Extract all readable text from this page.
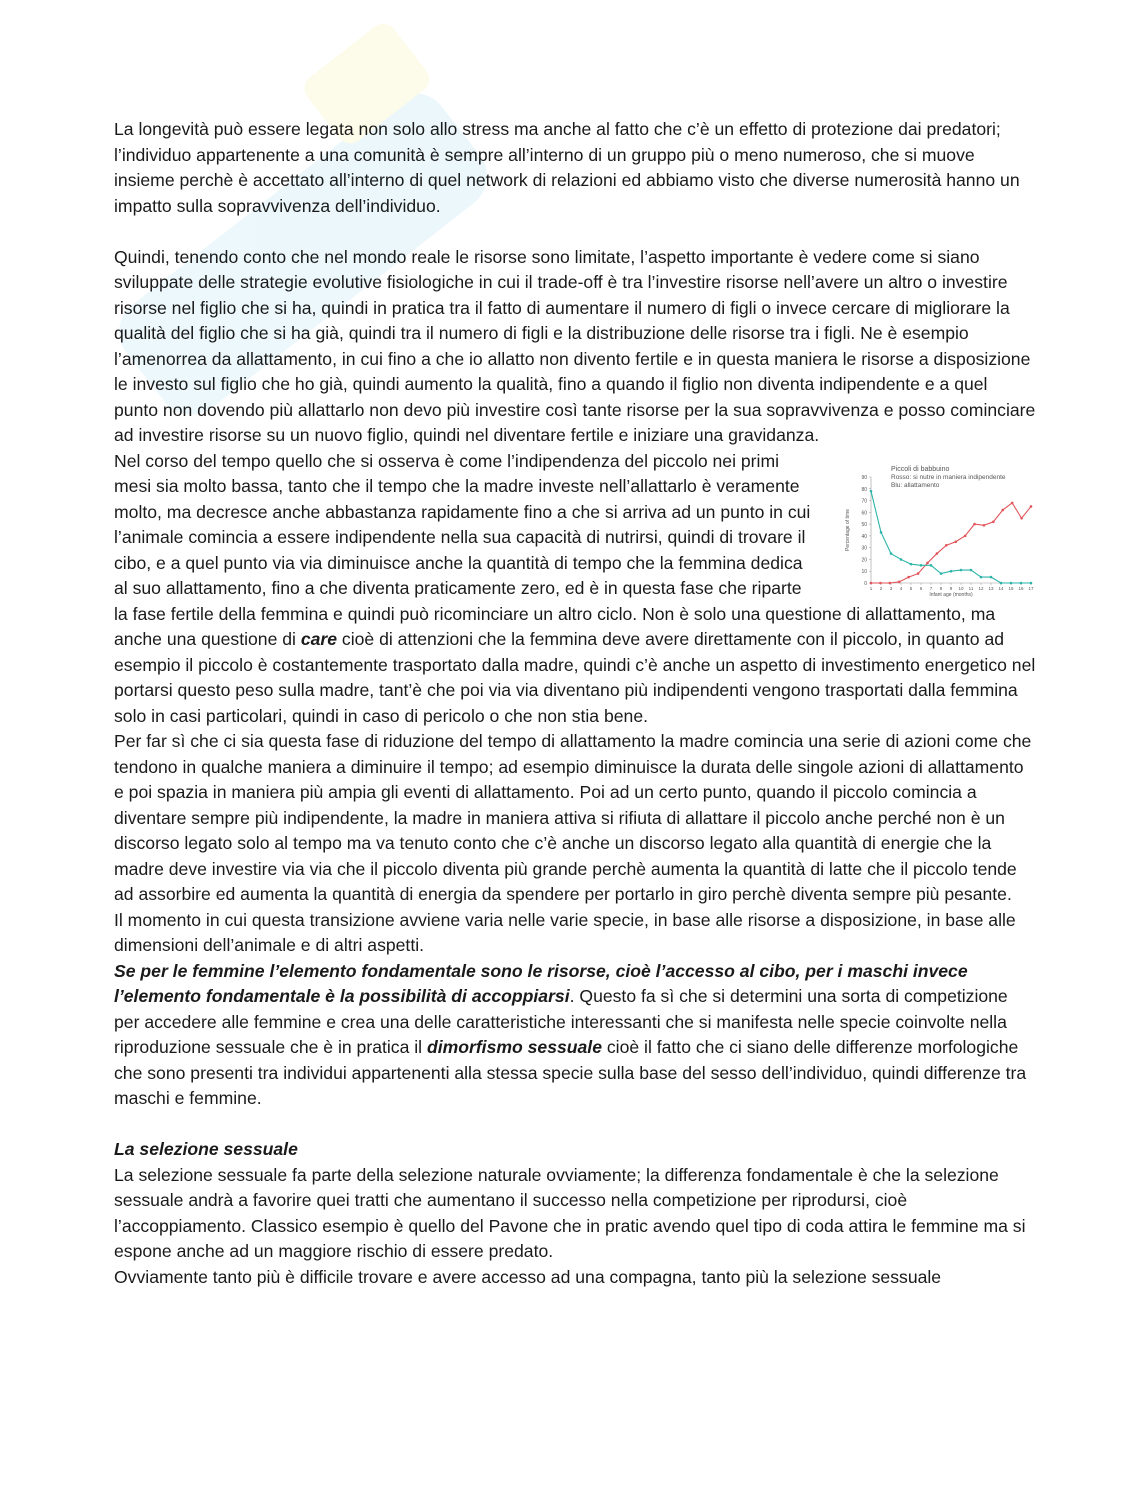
La longevità può essere legata non solo allo stress ma anche al fatto che c’è un effetto di protezione dai predatori; l’individuo appartenente a una comunità è sempre all’interno di un gruppo più o meno numeroso, che si muove insieme perchè è accettato all’interno di quel network di relazioni ed abbiamo visto che diverse numerosità hanno un impatto sulla sopravvivenza dell’individuo.

Quindi, tenendo conto che nel mondo reale le risorse sono limitate, l’aspetto importante è vedere come si siano sviluppate delle strategie evolutive fisiologiche in cui il trade-off è tra l’investire risorse nell’avere un altro o investire risorse nel figlio che si ha, quindi in pratica tra il fatto di aumentare il numero di figli o invece cercare di migliorare la qualità del figlio che si ha già, quindi tra il numero di figli e la distribuzione delle risorse tra i figli. Ne è esempio l’amenorrea da allattamento, in cui fino a che io allatto non divento fertile e in questa maniera le risorse a disposizione le investo sul figlio che ho già, quindi aumento la qualità, fino a quando il figlio non diventa indipendente e a quel punto non dovendo più allattarlo non devo più investire così tante risorse per la sua sopravvivenza e posso cominciare ad investire risorse su un nuovo figlio, quindi nel diventare fertile e iniziare una gravidanza.

0
10
20
30
40
50
60
70
80
90
1 2 3 4 5 6 7 8 9 10 11 12 13 14 15 16 17
Infant age (months)
Percentage of time
Piccoli di babbuino
Rosso: si nutre in maniera indipendente
Blu: allattamento

Nel corso del tempo quello che si osserva è come l’indipendenza del piccolo nei primi mesi sia molto bassa, tanto che il tempo che la madre investe nell’allattarlo è veramente molto, ma decresce anche abbastanza rapidamente fino a che si arriva ad un punto in cui l’animale comincia a essere indipendente nella sua capacità di nutrirsi, quindi di trovare il cibo, e a quel punto via via diminuisce anche la quantità di tempo che la femmina dedica al suo allattamento, fino a che diventa praticamente zero, ed è in questa fase che riparte la fase fertile della femmina e quindi può ricominciare un altro ciclo. Non è solo una questione di allattamento, ma anche una questione di care cioè di attenzioni che la femmina deve avere direttamente con il piccolo, in quanto ad esempio il piccolo è costantemente trasportato dalla madre, quindi c’è anche un aspetto di investimento energetico nel portarsi questo peso sulla madre, tant’è che poi via via diventano più indipendenti vengono trasportati dalla femmina solo in casi particolari, quindi in caso di pericolo o che non stia bene.

Per far sì che ci sia questa fase di riduzione del tempo di allattamento la madre comincia una serie di azioni come che tendono in qualche maniera a diminuire il tempo; ad esempio diminuisce la durata delle singole azioni di allattamento e poi spazia in maniera più ampia gli eventi di allattamento. Poi ad un certo punto, quando il piccolo comincia a diventare sempre più indipendente, la madre in maniera attiva si rifiuta di allattare il piccolo anche perché non è un discorso legato solo al tempo ma va tenuto conto che c’è anche un discorso legato alla quantità di energie che la madre deve investire via via che il piccolo diventa più grande perchè aumenta la quantità di latte che il piccolo tende ad assorbire ed aumenta la quantità di energia da spendere per portarlo in giro perchè diventa sempre più pesante.

Il momento in cui questa transizione avviene varia nelle varie specie, in base alle risorse a disposizione, in base alle dimensioni dell’animale e di altri aspetti.

Se per le femmine l’elemento fondamentale sono le risorse, cioè l’accesso al cibo, per i maschi invece l’elemento fondamentale è la possibilità di accoppiarsi. Questo fa sì che si determini una sorta di competizione per accedere alle femmine e crea una delle caratteristiche interessanti che si manifesta nelle specie coinvolte nella riproduzione sessuale che è in pratica il dimorfismo sessuale cioè il fatto che ci siano delle differenze morfologiche che sono presenti tra individui appartenenti alla stessa specie sulla base del sesso dell’individuo, quindi differenze tra maschi e femmine.

La selezione sessuale

La selezione sessuale fa parte della selezione naturale ovviamente; la differenza fondamentale è che la selezione sessuale andrà a favorire quei tratti che aumentano il successo nella competizione per riprodursi, cioè l’accoppiamento. Classico esempio è quello del Pavone che in pratic avendo quel tipo di coda attira le femmine ma si espone anche ad un maggiore rischio di essere predato.

Ovviamente tanto più è difficile trovare e avere accesso ad una compagna, tanto più la selezione sessuale
